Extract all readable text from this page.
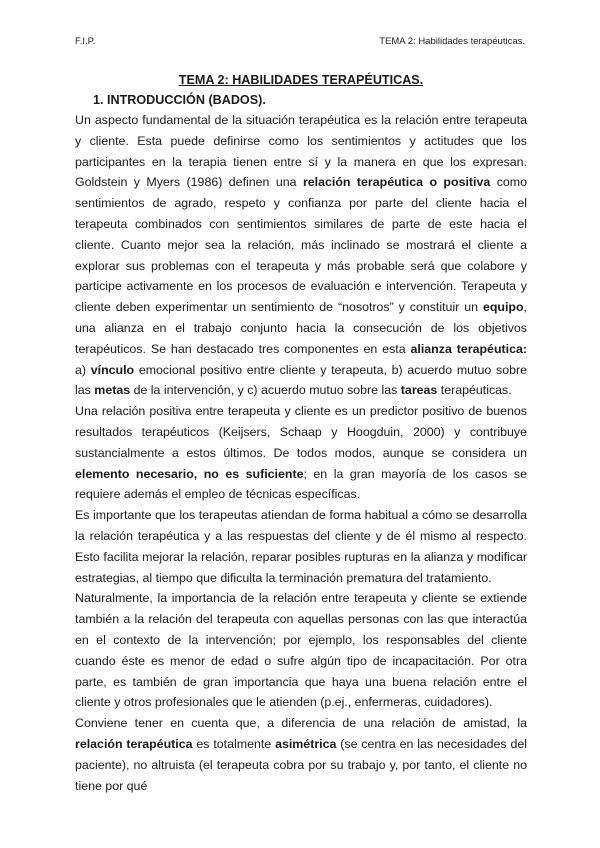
F.I.P.	TEMA 2: Habilidades terapéuticas.

TEMA 2: HABILIDADES TERAPÉUTICAS.

1. INTRODUCCIÓN (BADOS).

Un aspecto fundamental de la situación terapéutica es la relación entre terapeuta y cliente. Esta puede definirse como los sentimientos y actitudes que los participantes en la terapia tienen entre sí y la manera en que los expresan. Goldstein y Myers (1986) definen una relación terapéutica o positiva como sentimientos de agrado, respeto y confianza por parte del cliente hacia el terapeuta combinados con sentimientos similares de parte de este hacia el cliente. Cuanto mejor sea la relación, más inclinado se mostrará el cliente a explorar sus problemas con el terapeuta y más probable será que colabore y participe activamente en los procesos de evaluación e intervención. Terapeuta y cliente deben experimentar un sentimiento de “nosotros” y constituir un equipo, una alianza en el trabajo conjunto hacia la consecución de los objetivos terapéuticos. Se han destacado tres componentes en esta alianza terapéutica: a) vínculo emocional positivo entre cliente y terapeuta, b) acuerdo mutuo sobre las metas de la intervención, y c) acuerdo mutuo sobre las tareas terapéuticas.

Una relación positiva entre terapeuta y cliente es un predictor positivo de buenos resultados terapéuticos (Keijsers, Schaap y Hoogduin, 2000) y contribuye sustancialmente a estos últimos. De todos modos, aunque se considera un elemento necesario, no es suficiente; en la gran mayoría de los casos se requiere además el empleo de técnicas específicas.

Es importante que los terapeutas atiendan de forma habitual a cómo se desarrolla la relación terapéutica y a las respuestas del cliente y de él mismo al respecto. Esto facilita mejorar la relación, reparar posibles rupturas en la alianza y modificar estrategias, al tiempo que dificulta la terminación prematura del tratamiento.

Naturalmente, la importancia de la relación entre terapeuta y cliente se extiende también a la relación del terapeuta con aquellas personas con las que interactúa en el contexto de la intervención; por ejemplo, los responsables del cliente cuando éste es menor de edad o sufre algún tipo de incapacitación. Por otra parte, es también de gran importancia que haya una buena relación entre el cliente y otros profesionales que le atienden (p.ej., enfermeras, cuidadores).

Conviene tener en cuenta que, a diferencia de una relación de amistad, la relación terapéutica es totalmente asimétrica (se centra en las necesidades del paciente), no altruista (el terapeuta cobra por su trabajo y, por tanto, el cliente no tiene por qué
